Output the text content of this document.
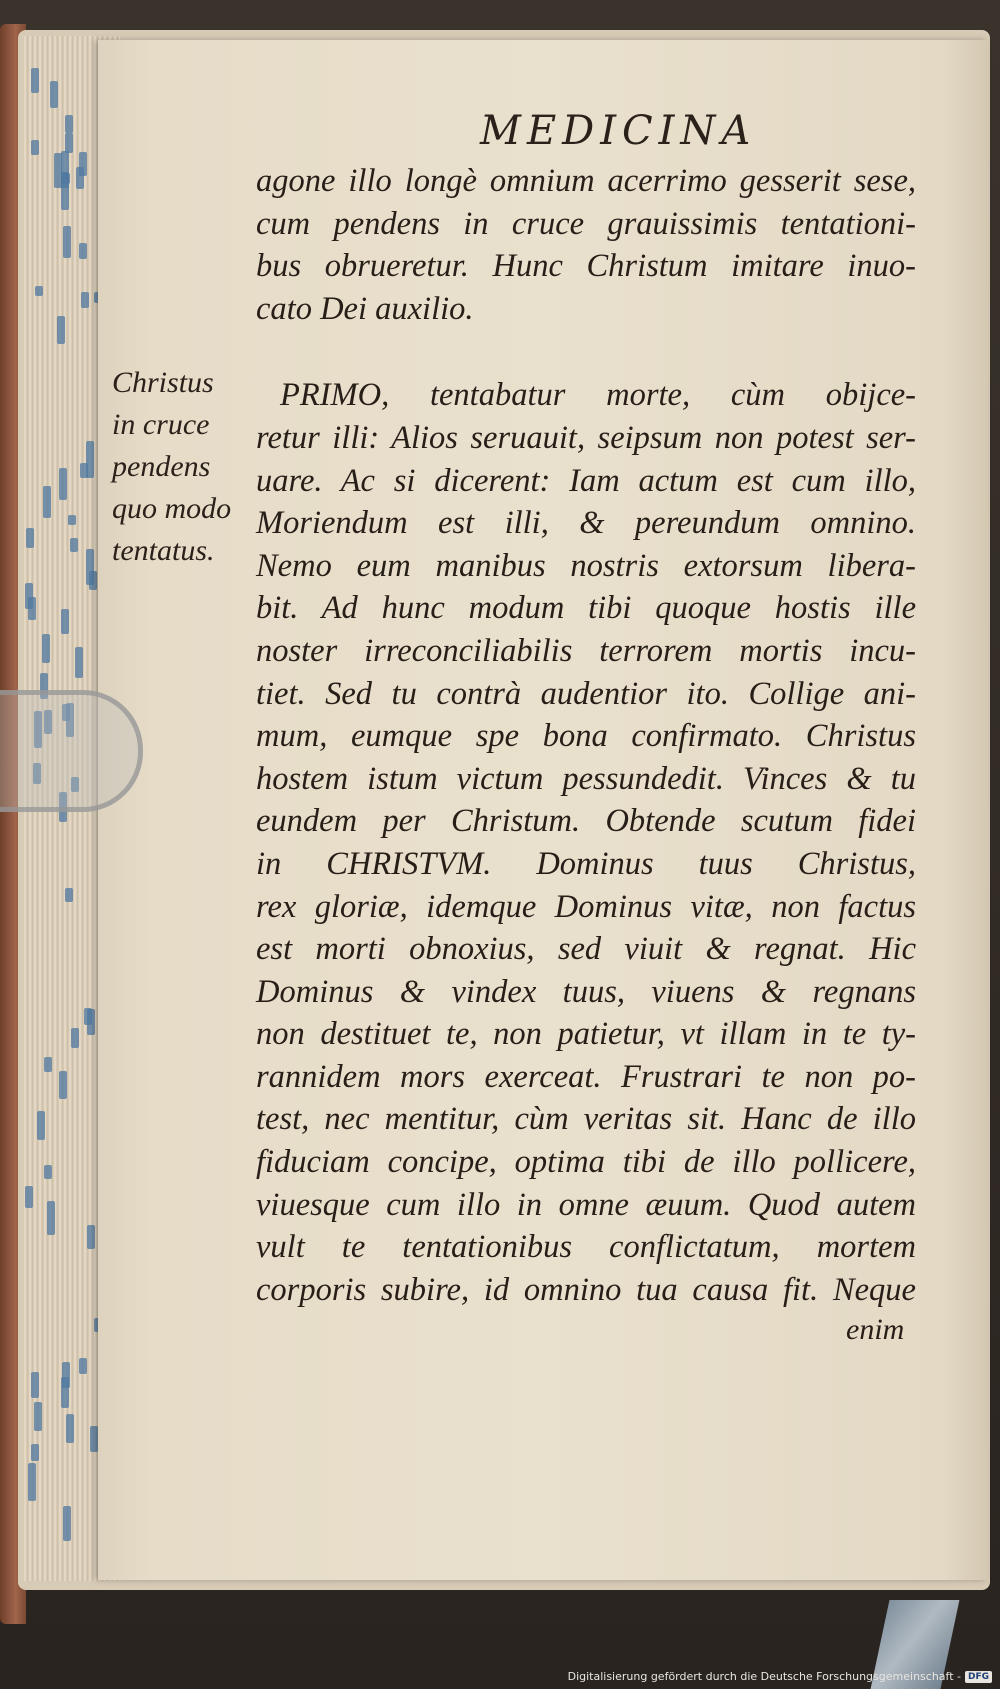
MEDICINA
Christus
in cruce
pendens
quo modo
tentatus.
agone illo longè omnium acerrimo gesserit sese,
cum pendens in cruce grauissimis tentationi-
bus obrueretur. Hunc Christum imitare inuo-
cato Dei auxilio.
PRIMO, tentabatur morte, cùm obijce-
retur illi: Alios seruauit, seipsum non potest ser-
uare. Ac si dicerent: Iam actum est cum illo,
Moriendum est illi, & pereundum omnino.
Nemo eum manibus nostris extorsum libera-
bit. Ad hunc modum tibi quoque hostis ille
noster irreconciliabilis terrorem mortis incu-
tiet. Sed tu contrà audentior ito. Collige ani-
mum, eumque spe bona confirmato. Christus
hostem istum victum pessundedit. Vinces & tu
eundem per Christum. Obtende scutum fidei
in CHRISTVM. Dominus tuus Christus,
rex gloriæ, idemque Dominus vitæ, non factus
est morti obnoxius, sed viuit & regnat. Hic
Dominus & vindex tuus, viuens & regnans
non destituet te, non patietur, vt illam in te ty-
rannidem mors exerceat. Frustrari te non po-
test, nec mentitur, cùm veritas sit. Hanc de illo
fiduciam concipe, optima tibi de illo pollicere,
viuesque cum illo in omne æuum. Quod autem
vult te tentationibus conflictatum, mortem
corporis subire, id omnino tua causa fit. Neque
enim
Digitalisierung gefördert durch die Deutsche Forschungsgemeinschaft - DFG
